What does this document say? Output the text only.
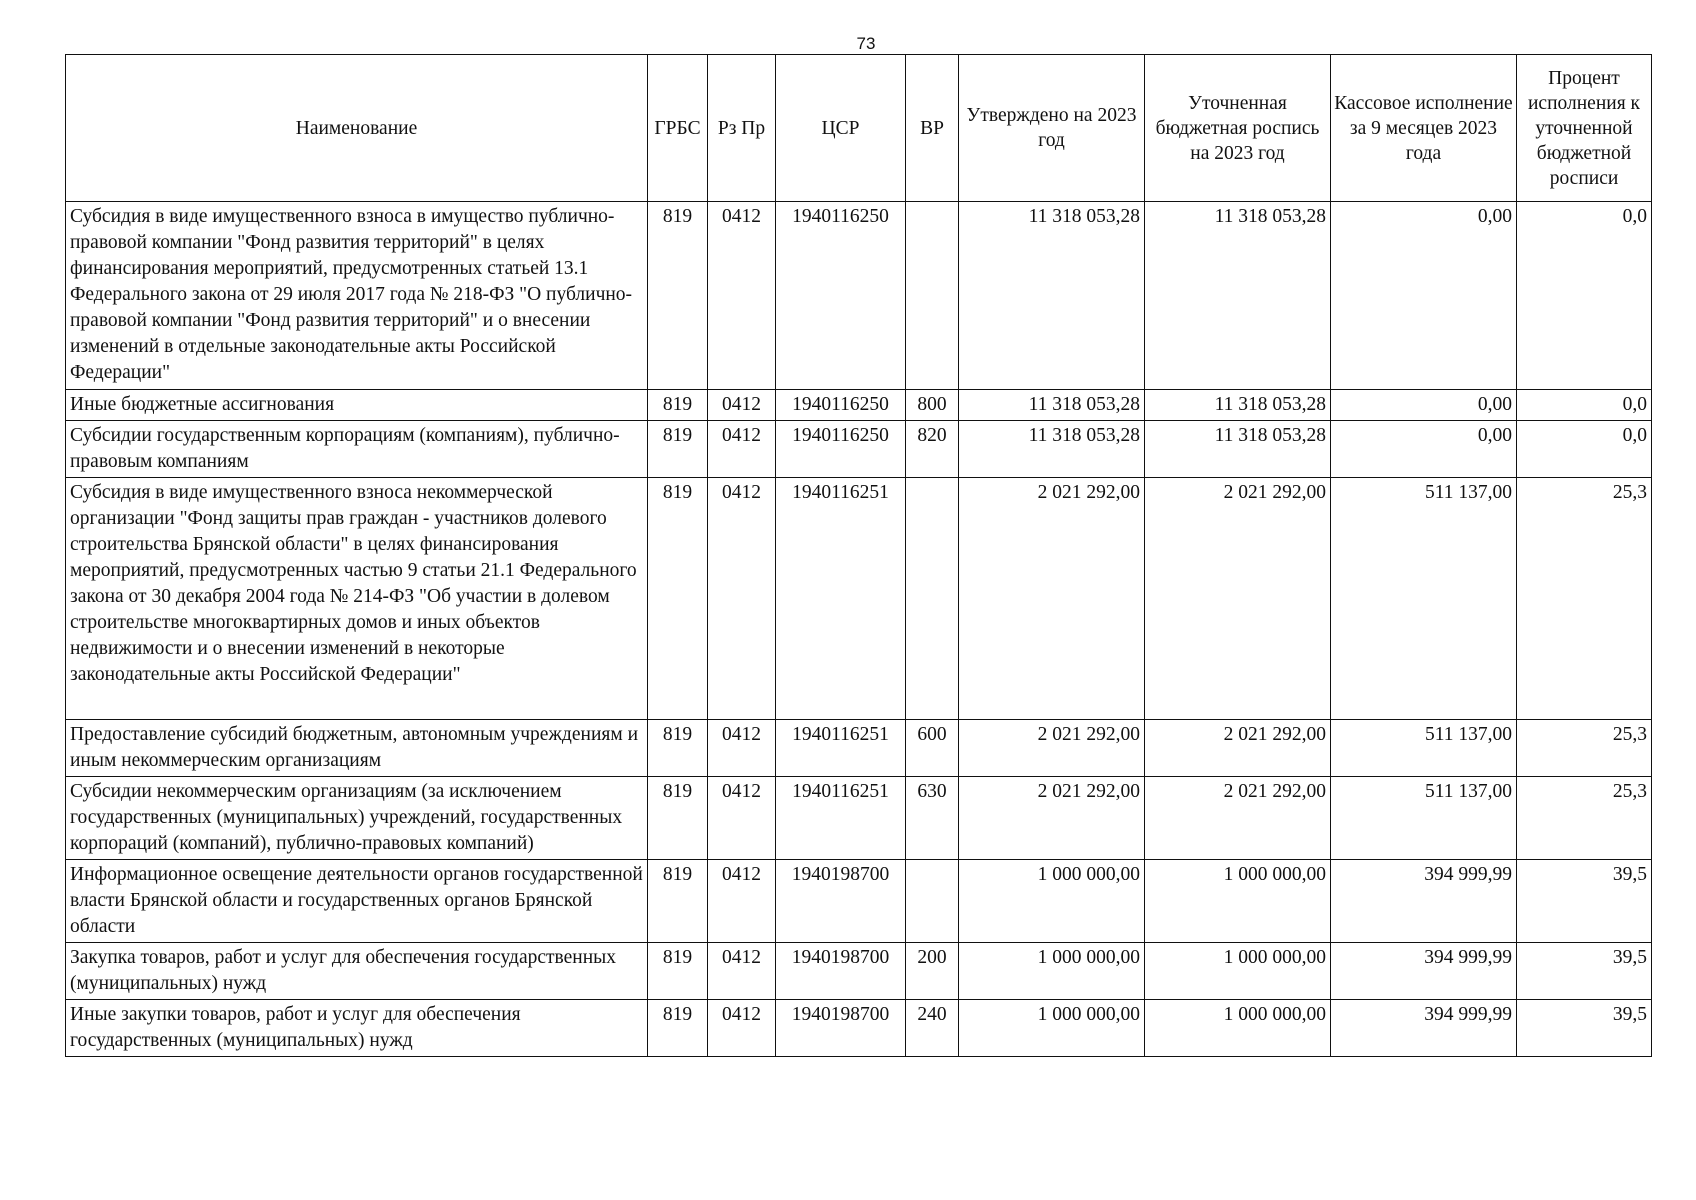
73
Наименование	ГРБС	Рз Пр	ЦСР	ВР	Утверждено на 2023 год	Уточненная бюджетная роспись на 2023 год	Кассовое исполнение за 9 месяцев 2023 года	Процент исполнения к уточненной бюджетной росписи
Субсидия в виде имущественного взноса в имущество публично-правовой компании "Фонд развития территорий" в целях финансирования мероприятий, предусмотренных статьей 13.1 Федерального закона от 29 июля 2017 года № 218-ФЗ "О публично-правовой компании "Фонд развития территорий" и о внесении изменений в отдельные законодательные акты Российской Федерации"	819	0412	1940116250		11 318 053,28	11 318 053,28	0,00	0,0
Иные бюджетные ассигнования	819	0412	1940116250	800	11 318 053,28	11 318 053,28	0,00	0,0
Субсидии государственным корпорациям (компаниям), публично-правовым компаниям	819	0412	1940116250	820	11 318 053,28	11 318 053,28	0,00	0,0
Субсидия в виде имущественного взноса некоммерческой организации "Фонд защиты прав граждан - участников долевого строительства Брянской области" в целях финансирования мероприятий, предусмотренных частью 9 статьи 21.1 Федерального закона от 30 декабря 2004 года № 214-ФЗ "Об участии в долевом строительстве многоквартирных домов и иных объектов недвижимости и о внесении изменений в некоторые законодательные акты Российской Федерации"	819	0412	1940116251		2 021 292,00	2 021 292,00	511 137,00	25,3
Предоставление субсидий бюджетным, автономным учреждениям и иным некоммерческим организациям	819	0412	1940116251	600	2 021 292,00	2 021 292,00	511 137,00	25,3
Субсидии некоммерческим организациям (за исключением государственных (муниципальных) учреждений, государственных корпораций (компаний), публично-правовых компаний)	819	0412	1940116251	630	2 021 292,00	2 021 292,00	511 137,00	25,3
Информационное освещение деятельности органов государственной власти Брянской области и государственных органов Брянской области	819	0412	1940198700		1 000 000,00	1 000 000,00	394 999,99	39,5
Закупка товаров, работ и услуг для обеспечения государственных (муниципальных) нужд	819	0412	1940198700	200	1 000 000,00	1 000 000,00	394 999,99	39,5
Иные закупки товаров, работ и услуг для обеспечения государственных (муниципальных) нужд	819	0412	1940198700	240	1 000 000,00	1 000 000,00	394 999,99	39,5
